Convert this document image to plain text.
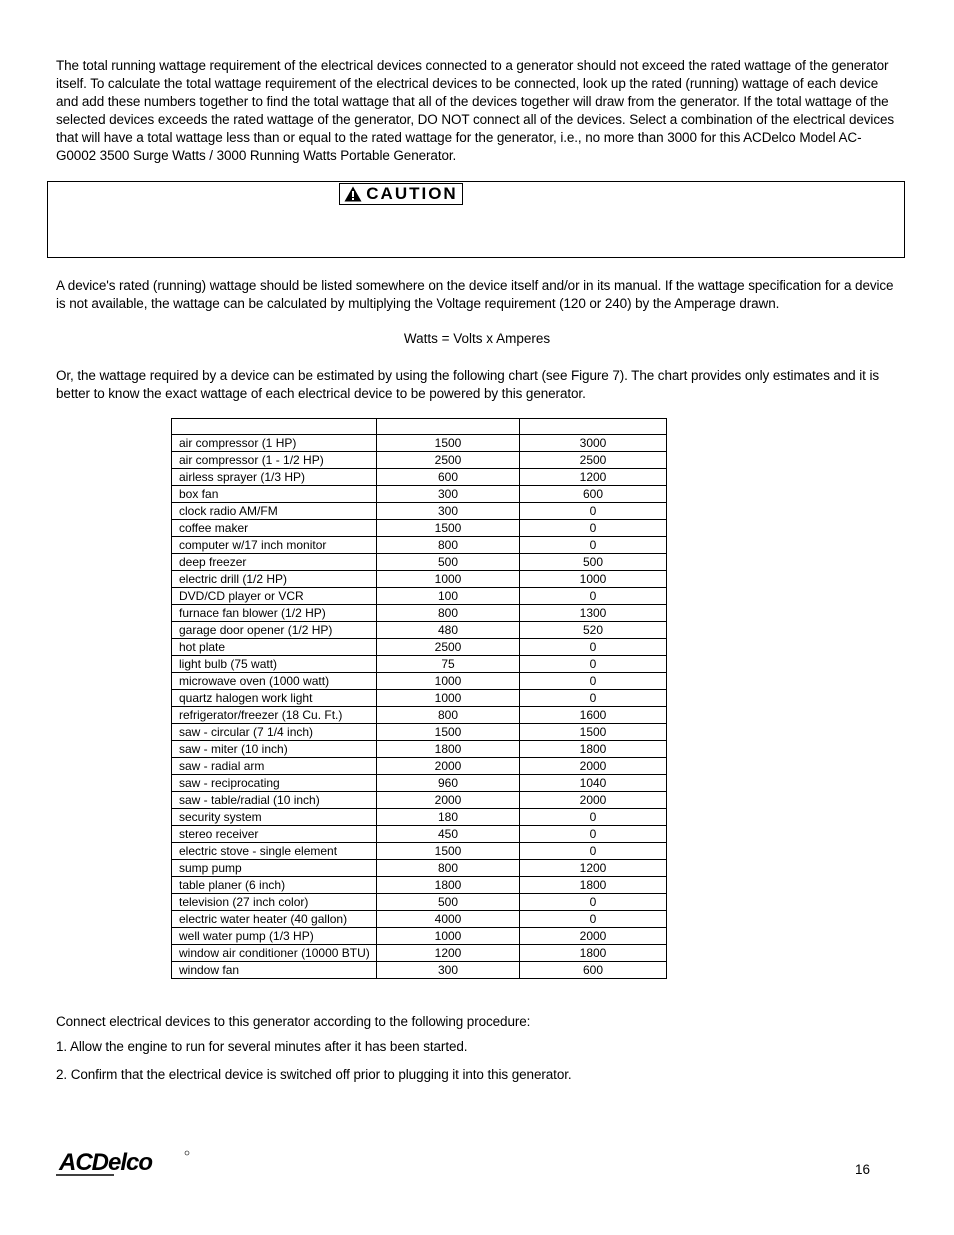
The total running wattage requirement of the electrical devices connected to a generator should not exceed the rated wattage of the generator itself. To calculate the total wattage requirement of the electrical devices to be connected, look up the rated (running) wattage of each device and add these numbers together to find the total wattage that all of the devices together will draw from the generator. If the total wattage of the selected devices exceeds the rated wattage of the generator, DO NOT connect all of the devices. Select a combination of the electrical devices that will have a total wattage less than or equal to the rated wattage for the generator, i.e., no more than 3000 for this ACDelco Model AC-G0002 3500 Surge Watts / 3000 Running Watts Portable Generator.

CAUTION

A device's rated (running) wattage should be listed somewhere on the device itself and/or in its manual. If the wattage specification for a device is not available, the wattage can be calculated by multiplying the Voltage requirement (120 or 240) by the Amperage drawn.

Watts = Volts x Amperes

Or, the wattage required by a device can be estimated by using the following chart (see Figure 7). The chart provides only estimates and it is better to know the exact wattage of each electrical device to be powered by this generator.

air compressor (1 HP)	1500	3000
air compressor (1 - 1/2 HP)	2500	2500
airless sprayer (1/3 HP)	600	1200
box fan	300	600
clock radio AM/FM	300	0
coffee maker	1500	0
computer w/17 inch monitor	800	0
deep freezer	500	500
electric drill (1/2 HP)	1000	1000
DVD/CD player or VCR	100	0
furnace fan blower (1/2 HP)	800	1300
garage door opener (1/2 HP)	480	520
hot plate	2500	0
light bulb (75 watt)	75	0
microwave oven (1000 watt)	1000	0
quartz halogen work light	1000	0
refrigerator/freezer (18 Cu. Ft.)	800	1600
saw - circular (7 1/4 inch)	1500	1500
saw - miter (10 inch)	1800	1800
saw - radial arm	2000	2000
saw - reciprocating	960	1040
saw - table/radial (10 inch)	2000	2000
security system	180	0
stereo receiver	450	0
electric stove - single element	1500	0
sump pump	800	1200
table planer (6 inch)	1800	1800
television (27 inch color)	500	0
electric water heater (40 gallon)	4000	0
well water pump (1/3 HP)	1000	2000
window air conditioner (10000 BTU)	1200	1800
window fan	300	600

Connect electrical devices to this generator according to the following procedure:

1. Allow the engine to run for several minutes after it has been started.

2. Confirm that the electrical device is switched off prior to plugging it into this generator.

ACDelco	16
